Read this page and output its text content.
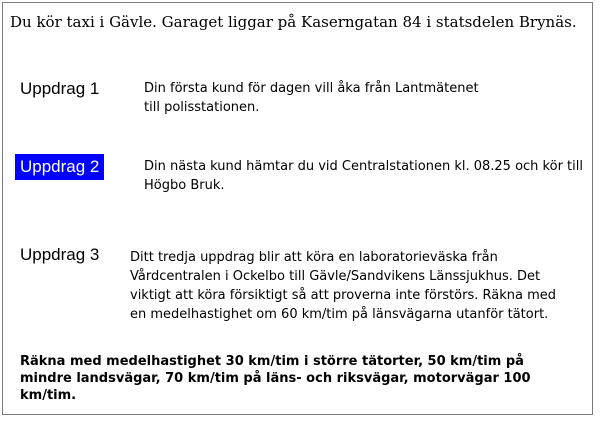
Du kör taxi i Gävle. Garaget liggar på Kaserngatan 84 i statsdelen Brynäs.
Uppdrag 1	Din första kund för dagen vill åka från Lantmätenet till polisstationen.
Uppdrag 2	Din nästa kund hämtar du vid Centralstationen kl. 08.25 och kör till Högbo Bruk.
Uppdrag 3	Ditt tredja uppdrag blir att köra en laboratorieväska från Vårdcentralen i Ockelbo till Gävle/Sandvikens Länssjukhus. Det viktigt att köra försiktigt så att proverna inte förstörs. Räkna med en medelhastighet om 60 km/tim på länsvägarna utanför tätort.
Räkna med medelhastighet 30 km/tim i större tätorter, 50 km/tim på mindre landsvägar, 70 km/tim på läns- och riksvägar, motorvägar 100 km/tim.
